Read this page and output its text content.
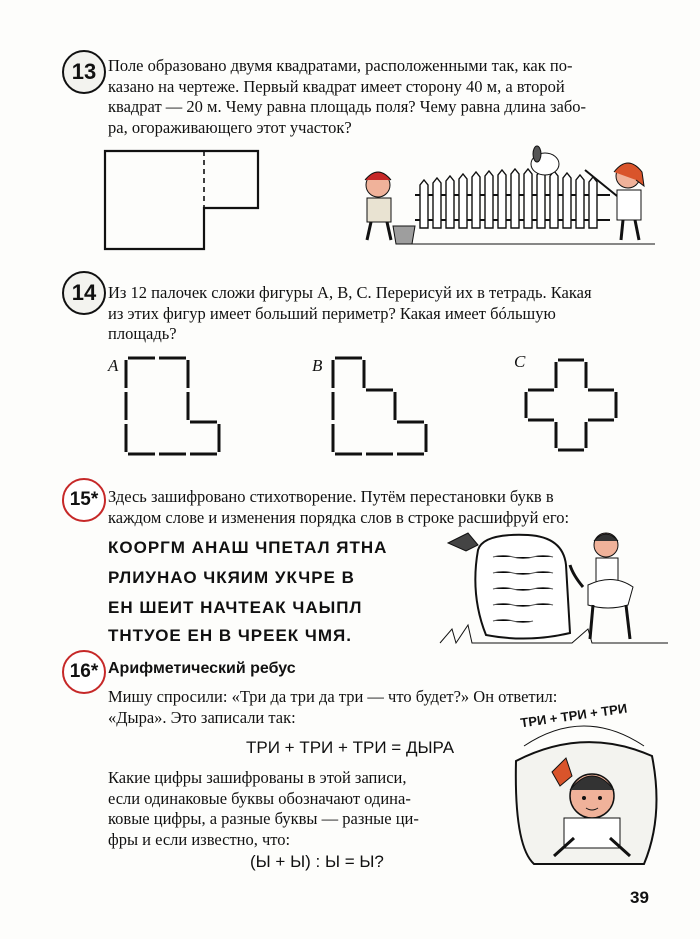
13 Поле образовано двумя квадратами, расположенными так, как по-
казано на чертеже. Первый квадрат имеет сторону 40 м, а второй
квадрат — 20 м. Чему равна площадь поля? Чему равна длина забо-
ра, огораживающего этот участок?
14 Из 12 палочек сложи фигуры A, B, C. Перерисуй их в тетрадь. Какая
из этих фигур имеет больший периметр? Какая имеет бóльшую
площадь?
A	B	C
15* Здесь зашифровано стихотворение. Путём перестановки букв в
каждом слове и изменения порядка слов в строке расшифруй его:
КООРГМ АНАШ ЧПЕТАЛ ЯТНА
РЛИУНАО ЧКЯИМ УКЧРЕ В
ЕН ШЕИТ НАЧТЕАК ЧАЫПЛ
ТНТУОЕ ЕН В ЧРЕЕК ЧМЯ.
16* Арифметический ребус
Мишу спросили: «Три да три да три — что будет?» Он ответил:
«Дыра». Это записали так:
ТРИ + ТРИ + ТРИ = ДЫРА
Какие цифры зашифрованы в этой записи,
если одинаковые буквы обозначают одина-
ковые цифры, а разные буквы — разные ци-
фры и если известно, что:
(Ы + Ы) : Ы = Ы?
ТРИ + ТРИ + ТРИ
39
